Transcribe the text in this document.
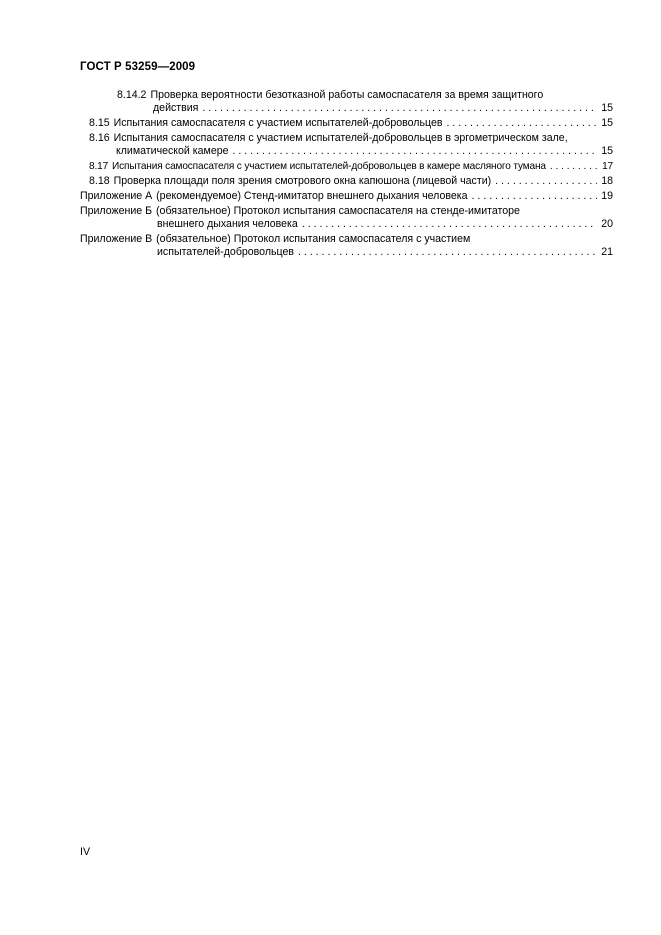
ГОСТ Р 53259—2009
8.14.2 Проверка вероятности безотказной работы самоспасателя за время защитного
действия . . .	15
8.15 Испытания самоспасателя с участием испытателей-добровольцев . . .	15
8.16 Испытания самоспасателя с участием испытателей-добровольцев в эргометрическом зале,
климатической камере . . .	15
8.17 Испытания самоспасателя с участием испытателей-добровольцев в камере масляного тумана . . .	17
8.18 Проверка площади поля зрения смотрового окна капюшона (лицевой части) . . .	18
Приложение А (рекомендуемое) Стенд-имитатор внешнего дыхания человека . . .	19
Приложение Б (обязательное) Протокол испытания самоспасателя на стенде-имитаторе
внешнего дыхания человека . . .	20
Приложение В (обязательное) Протокол испытания самоспасателя с участием
испытателей-добровольцев . . .	21
IV
